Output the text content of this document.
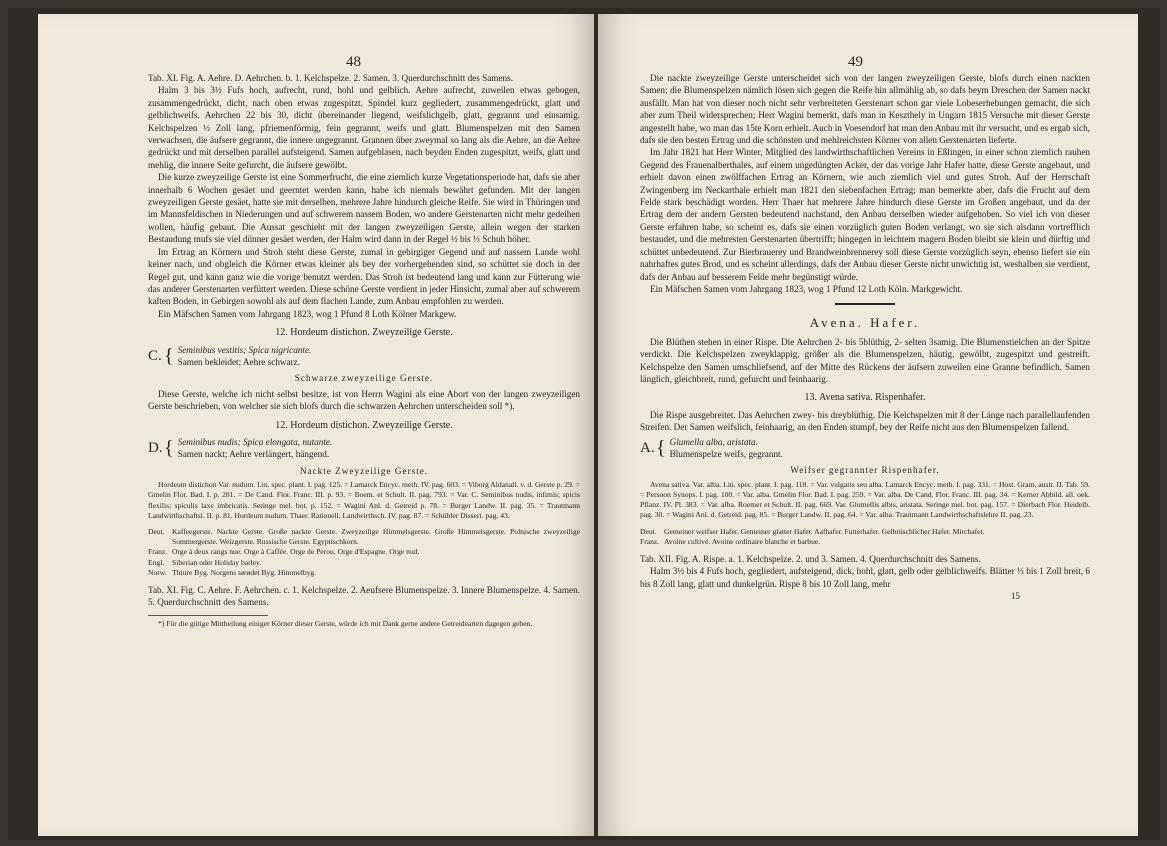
48

Tab. XI. Fig. A. Aehre. D. Aehrchen. b. 1. Kelchspelze. 2. Samen. 3. Querdurchschnitt des Samens.

Halm 3 bis 3½ Fufs hoch, aufrecht, rund, hohl und gelblich. Aehre aufrecht, zuweilen etwas gebogen, zusammengedrückt, dicht, nach oben etwas zugespitzt. Spindel kurz gegliedert, zusammengedrückt, glatt und gelblichweifs. Aehrchen 22 bis 30, dicht übereinander liegend, weifslichgelb, glatt, gegrannt und einsamig. Kelchspelzen ½ Zoll lang, pfriemenförmig, fein gegrannt, weifs und glatt. Blumenspelzen mit den Samen verwachsen, die äufsere gegrannt, die innere ungegrannt. Grannen über zweymal so lang als die Aehre, an die Aehre gedrückt und mit derselben parallel aufsteigend. Samen aufgeblasen, nach beyden Enden zugespitzt, weifs, glatt und mehlig, die innere Seite gefurcht, die äufsere gewölbt.

Die kurze zweyzeilige Gerste ist eine Sommerfrucht, die eine ziemlich kurze Vegetationsperiode hat, dafs sie aber innerhalb 6 Wochen gesäet und geerntet werden kann, habe ich niemals bewährt gefunden. Mit der langen zweyzeiligen Gerste gesäet, hatte sie mit derselben, mehrere Jahre hindurch gleiche Reife. Sie wird in Thüringen und im Mannsfeldischen in Niederungen und auf schwerem nassem Boden, wo andere Gerstenarten nicht mehr gedeihen wollen, häufig gebaut. Die Aussat geschieht mit der langen zweyzeiligen Gerste, allein wegen der starken Bestaudung mufs sie viel dünner gesäet werden, der Halm wird dann in der Regel ½ bis ⅓ Schuh höher.

Im Ertrag an Körnern und Stroh steht diese Gerste, zumal in gebirgiger Gegend und auf nassem Lande wohl keiner nach, und obgleich die Körner etwas kleiner als bey der vorhergehenden sind, so schüttet sie doch in der Regel gut, und kann ganz wie die vorige benutzt werden. Das Stroh ist bedeutend lang und kann zur Fütterung wie das anderer Gerstenarten verfüttert werden. Diese schöne Gerste verdient in jeder Hinsicht, zumal aber auf schwerem kalten Boden, in Gebirgen sowohl als auf dem flachen Lande, zum Anbau empfohlen zu werden.

Ein Mäfschen Samen vom Jahrgang 1823, wog 1 Pfund 8 Loth Kölner Markgew.

12. Hordeum distichon. Zweyzeilige Gerste.

C. { Seminibus vestitis; Spica nigricante.
Samen bekleidet; Aehre schwarz.

Schwarze zweyzeilige Gerste.

Diese Gerste, welche ich nicht selbst besitze, ist von Herrn Wagini als eine Abort von der langen zweyzeiligen Gerste beschrieben, von welcher sie sich blofs durch die schwarzen Aehrchen unterscheiden soll *).

12. Hordeum distichon. Zweyzeilige Gerste.

D. { Seminibus nudis; Spica elongata, nutante.
Samen nackt; Aehre verlängert, hängend.

Nackte Zweyzeilige Gerste.

Hordeum distichon Var. nudum. Lin. spec. plant. I. pag. 125. = Lamarck Encyc. meth. IV. pag. 603. = Viborg Aldanall. v. d. Gerste p. 29. = Gmelin Flor. Bad. I. p. 281. = De Cand. Flor. Franc. III. p. 93. = Boem. et Schult. II. pag. 793. = Var. C. Seminibus nudis, infimis; spicis flexilis; spiculis laxe imbricatis. Seringe mel. bot. p. 152. = Wagini Anl. d. Getreid p. 78. = Burger Landw. II. pag. 35. = Trautmann Landwirthschaftsl. II. p. 81. Hordeum nudum. Thaer. Rationell. Landwirthsch. IV. pag. 87. = Schübler Dissert. pag. 43.

Deut. Kaffeegerste. Nackte Gerste. Große nackte Gerste. Zweyzeilige Himmelsgerste. Große Himmelsgerste. Polnische zweyzeilige Sommergerste. Weizgerste. Russische Gerste. Egyptischkorn.

Franz. Orge à deux rangs nue. Orge à Caffée. Orge de Perou. Orge d'Espagne. Orge nud.

Engl. Siberian oder Holiday barley.

Norw. Thiure Byg. Norgens tørødet Byg. Himmelbyg.

Tab. XI. Fig. C. Aehre. F. Aehrchen. c. 1. Kelchspelze. 2. Aeufsere Blumenspelze. 3. Innere Blumenspelze. 4. Samen. 5. Querdurchschnitt des Samens.

*) Für die gütige Mittheilung einiger Körner dieser Gerste, würde ich mit Dank gerne andere Getreidearten dagegen geben.

49

Die nackte zweyzeilige Gerste unterscheidet sich von der langen zweyzeiligen Gerste, blofs durch einen nackten Samen; die Blumenspelzen nämlich lösen sich gegen die Reife hin allmählig ab, so dafs beym Dreschen der Samen nackt ausfällt. Man hat von dieser noch nicht sehr verbreiteten Gerstenart schon gar viele Lobeserhebungen gemacht, die sich aber zum Theil widersprechen; Herr Wagini bemerkt, dafs man in Keszthely in Ungarn 1815 Versuche mit dieser Gerste angestellt habe, wo man das 15te Korn erhielt. Auch in Voesendorf hat man den Anbau mit ihr versucht, und es ergab sich, dafs sie den besten Ertrag und die schönsten und mehlreichsten Körner von allen Gerstenarten lieferte.

Im Jahr 1821 hat Herr Winter, Mitglied des landwirthschaftlichen Vereins in Eßlingen, in einer schon ziemlich rauhen Gegend des Frauenalberthales, auf einem ungedüngten Acker, der das vorige Jahr Hafer hatte, diese Gerste angebaut, und erhielt davon einen zwölffachen Ertrag an Körnern, wie auch ziemlich viel und gutes Stroh. Auf der Herrschaft Zwingenberg im Neckarthale erhielt man 1821 den siebenfachen Ertrag; man bemerkte aber, dafs die Frucht auf dem Felde stark beschädigt worden. Herr Thaer hat mehrere Jahre hindurch diese Gerste im Großen angebaut, und da der Ertrag dem der andern Gersten bedeutend nachstand, den Anbau derselben wieder aufgehoben. So viel ich von dieser Gerste erfahren habe, so scheint es, dafs sie einen vorzüglich guten Boden verlangt, wo sie sich alsdann vortrefflich bestaudet, und die mehresten Gerstenarten übertrifft; hingegen in leichtem magern Boden bleibt sie klein und dürftig und schüttet unbedeutend. Zur Bierbrauerey und Brandweinbrennerey soll diese Gerste vorzüglich seyn, ebenso liefert sie ein nahrhaftes gutes Brod, und es scheint allerdings, dafs der Anbau dieser Gerste nicht unwichtig ist, weshalben sie verdient, dafs der Anbau auf besserem Felde mehr begünstigt würde.

Ein Mäfschen Samen vom Jahrgang 1823, wog 1 Pfund 12 Loth Köln. Markgewicht.

Avena. Hafer.

Die Blüthen stehen in einer Rispe. Die Aehrchen 2- bis 5blüthig, 2- selten 3samig. Die Blumenstielchen an der Spitze verdickt. Die Kelchspelzen zweyklappig, größer als die Blumenspelzen, häutig, gewölbt, zugespitzt und gestreift. Kelchspelze den Samen umschliefsend, auf der Mitte des Rückens der äufsern zuweilen eine Granne befindlich. Samen länglich, gleichbreit, rund, gefurcht und feinhaarig.

13. Avena sativa. Rispenhafer.

Die Rispe ausgebreitet. Das Aehrchen zwey- bis dreyblüthig. Die Kelchspelzen mit 8 der Länge nach parallellaufenden Streifen. Der Samen weifslich, feinhaarig, an den Enden stumpf, bey der Reife nicht aus den Blumenspelzen fallend.

A. { Glumella alba, aristata.
Blumenspelze weifs, gegrannt.

Weifser gegrannter Rispenhafer.

Avena sativa. Var. alba. Lin. spec. plant. I. pag. 118. = Var. vulgaris seu alba. Lamarck Encyc. meth. I. pag. 331. = Host. Gram. austr. II. Tab. 59. = Persoon Synops. I. pag. 100. = Var. alba. Gmelin Flor. Bad. I. pag. 259. = Var. alba. De Cand. Flor. Franc. III. pag. 34. = Kerner Abbild. all. oek. Pflanz. IV. Pl. 383. = Var. alba. Roemer et Schult. II. pag. 669. Var. Glumellis albis, aristata. Seringe mel. bot. pag. 157. = Dierbach Flor. Heidelb. pag. 30. = Wagini Anl. d. Getreid. pag. 85. = Burger Landw. II. pag. 64. = Var. alba. Trautmann Landwirthschaftslehre II. pag. 23.

Deut. Gemeiner weifser Hafer. Gemeiner glatter Hafer. Aafhafer. Futterhafer. Gelbrüschlicher Hafer. Mirchafer.

Franz. Avoine cultivé. Avoine ordinaire blanche et barbue.

Tab. XII. Fig. A. Rispe. a. 1. Kelchspelze. 2. und 3. Samen. 4. Querdurchschnitt des Samens.

Halm 3½ bis 4 Fufs hoch, gegliedert, aufsteigend, dick, hohl, glatt, gelb oder gelblichweifs. Blätter ⅓ bis 1 Zoll breit, 6 bis 8 Zoll lang, glatt und dunkelgrün. Rispe 8 bis 10 Zoll lang, mehr

15
